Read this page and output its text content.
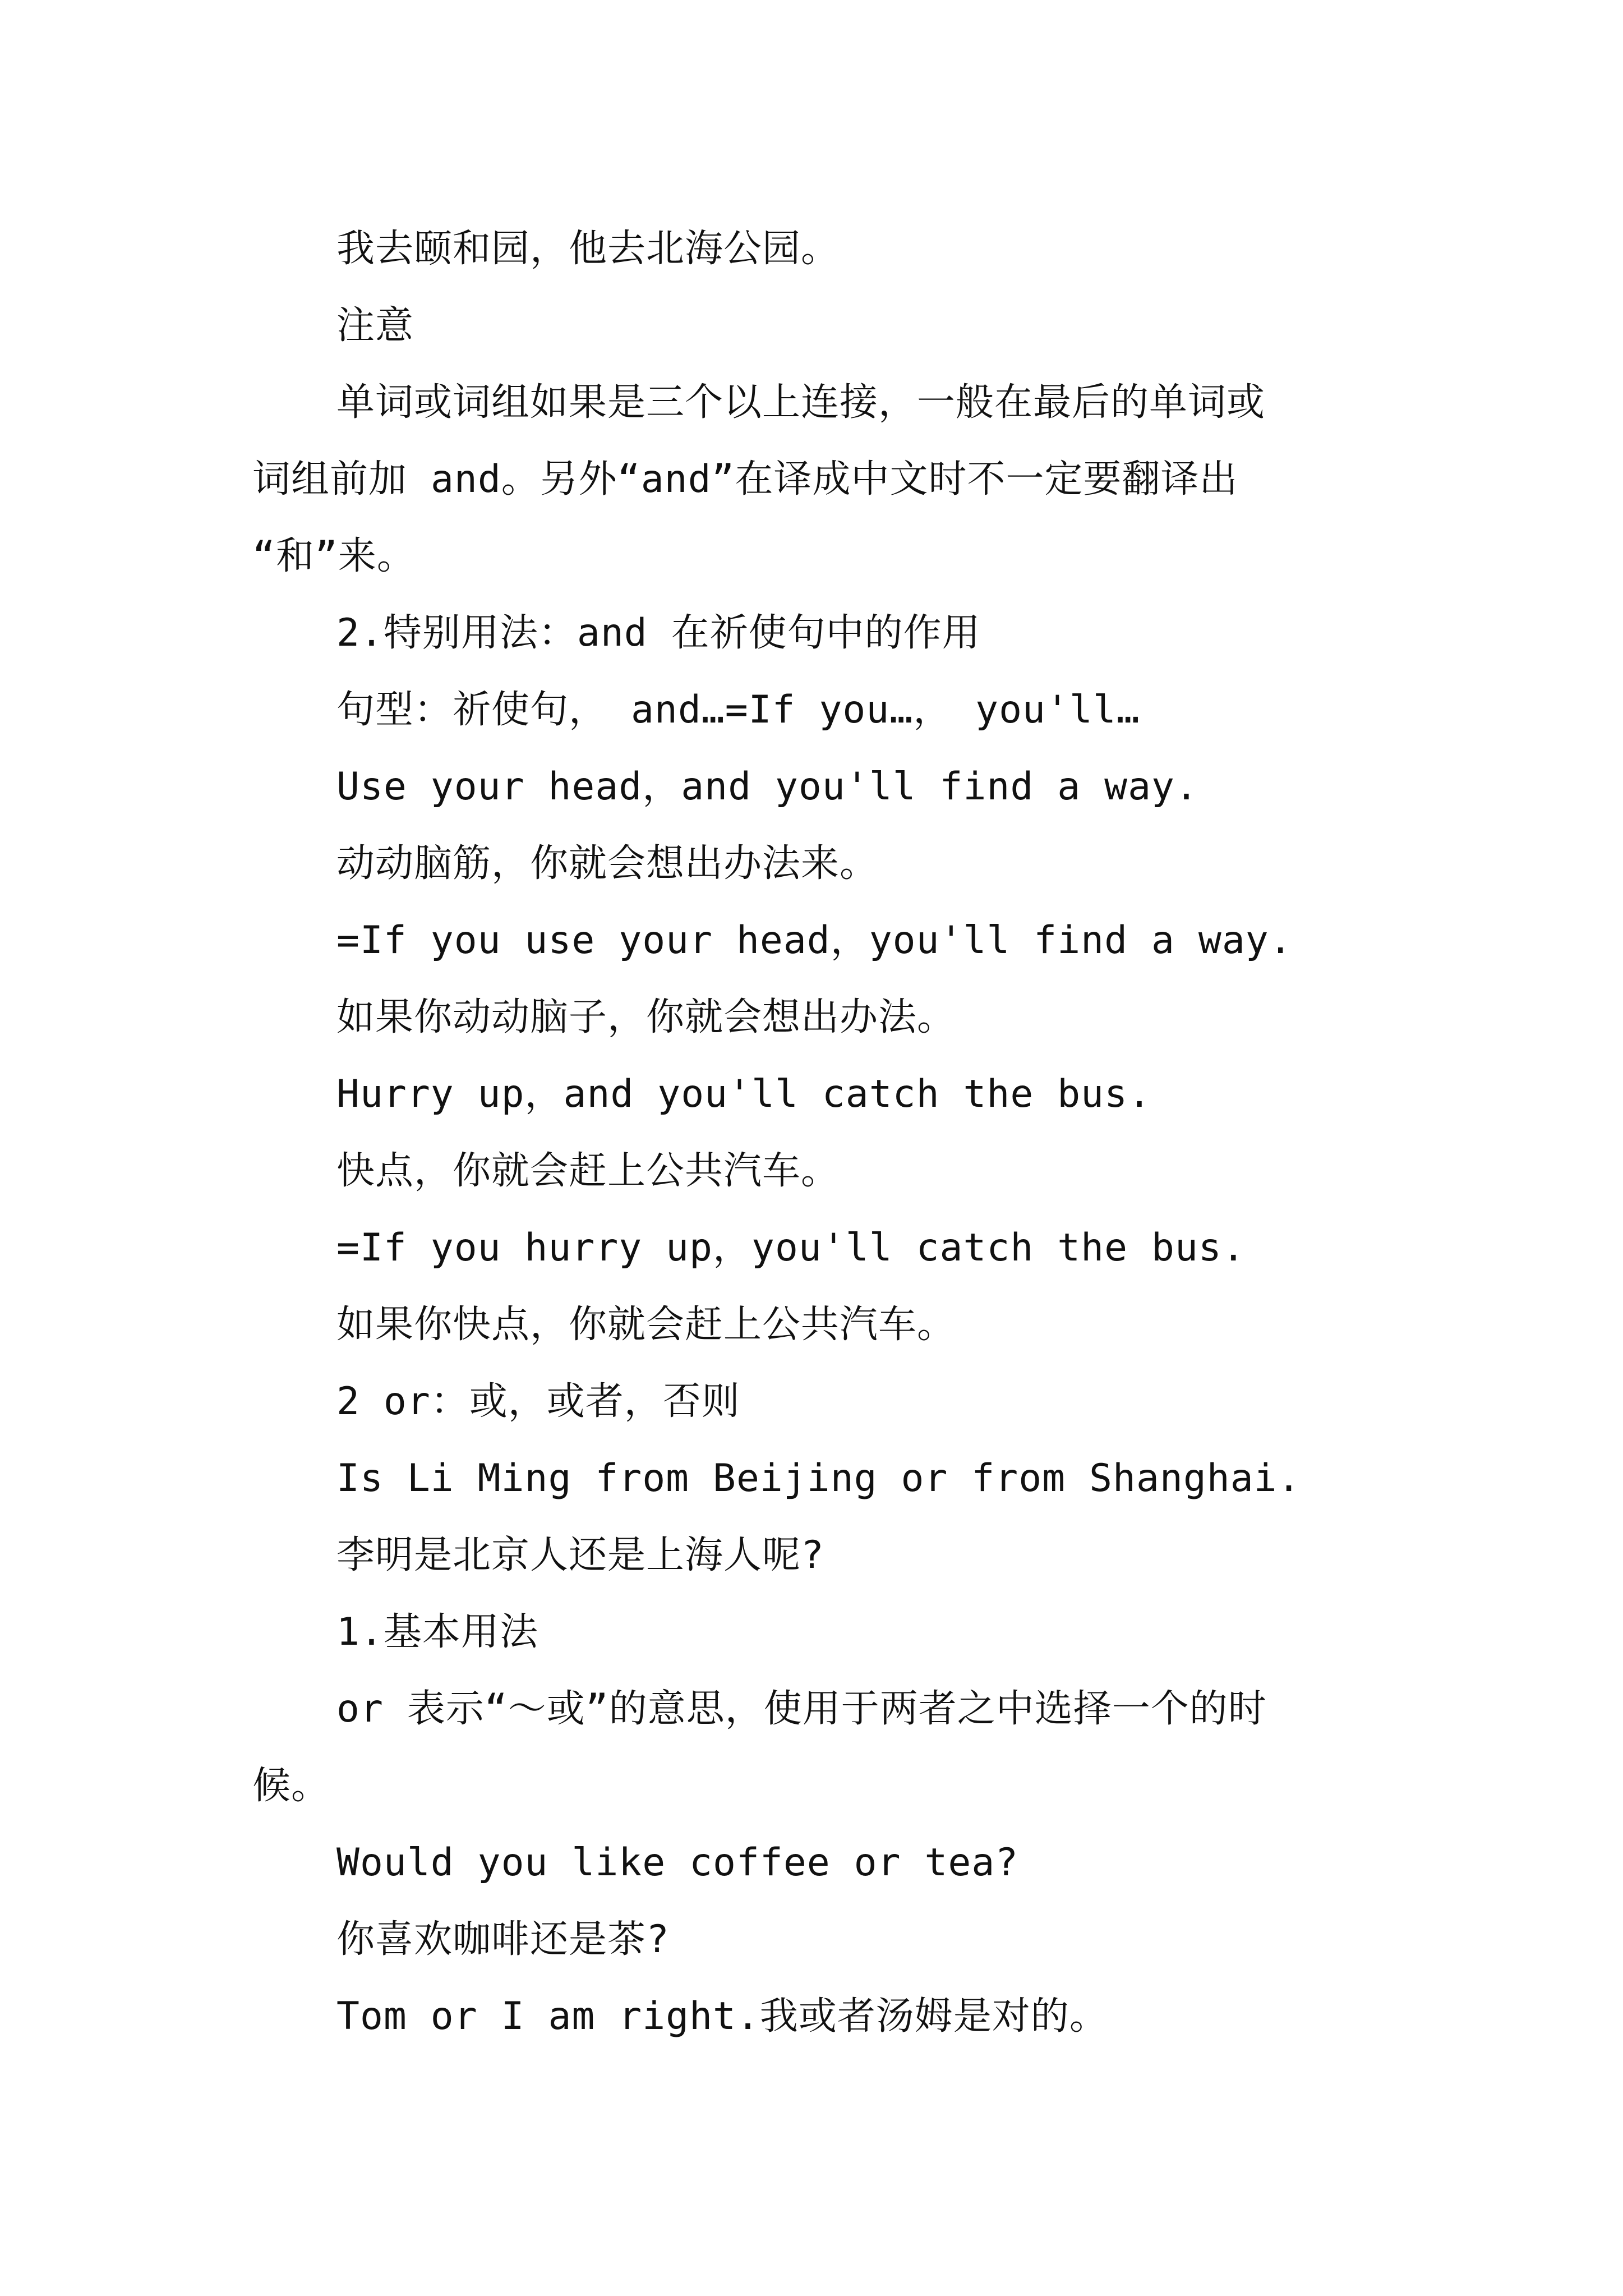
我去颐和园，他去北海公园。
注意
单词或词组如果是三个以上连接，一般在最后的单词或
词组前加 and。另外“and”在译成中文时不一定要翻译出
“和”来。
2.特别用法：and 在祈使句中的作用
句型：祈使句， and…=If you…， you'll…
Use your head，and you'll find a way.
动动脑筋，你就会想出办法来。
=If you use your head，you'll find a way.
如果你动动脑子，你就会想出办法。
Hurry up，and you'll catch the bus.
快点，你就会赶上公共汽车。
=If you hurry up，you'll catch the bus.
如果你快点，你就会赶上公共汽车。
2 or：或，或者，否则
Is Li Ming from Beijing or from Shanghai.
李明是北京人还是上海人呢?
1.基本用法
or 表示“～或”的意思，使用于两者之中选择一个的时
候。
Would you like coffee or tea?
你喜欢咖啡还是茶?
Tom or I am right.我或者汤姆是对的。
